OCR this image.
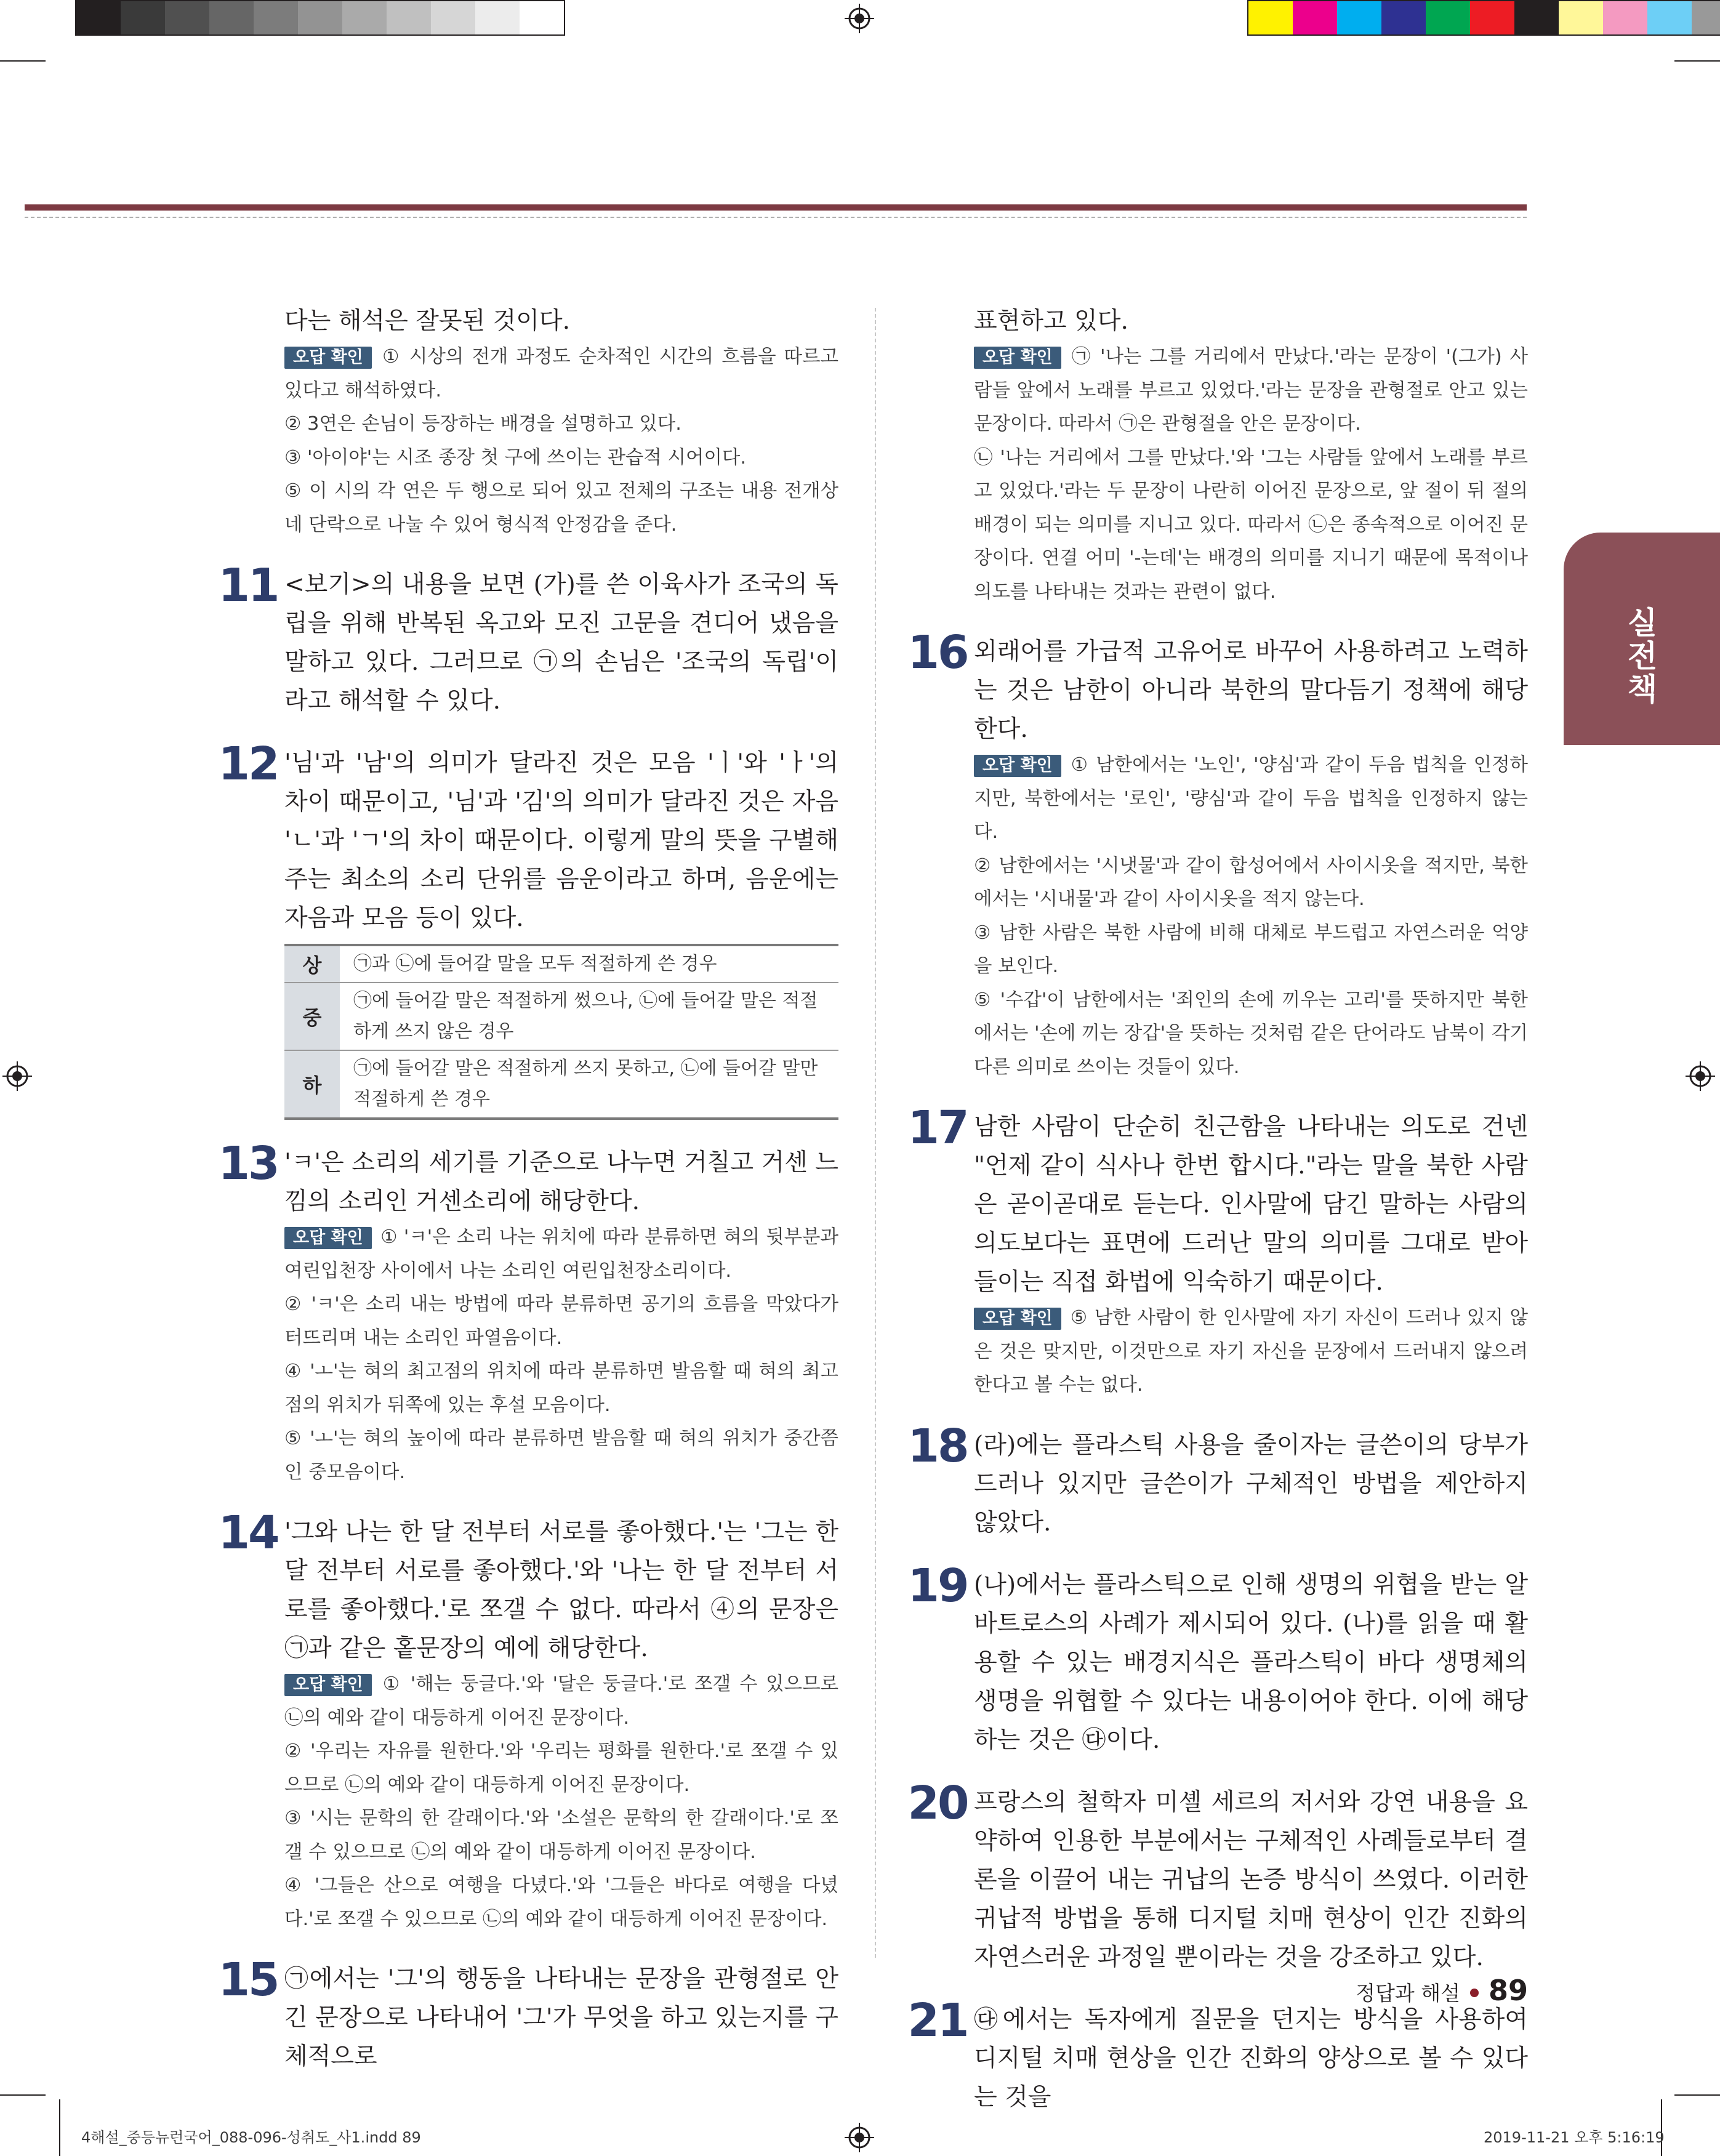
실전책

다는 해석은 잘못된 것이다.

오답 확인 ① 시상의 전개 과정도 순차적인 시간의 흐름을 따르고 있다고 해석하였다.

② 3연은 손님이 등장하는 배경을 설명하고 있다.

③ '아이야'는 시조 종장 첫 구에 쓰이는 관습적 시어이다.

⑤ 이 시의 각 연은 두 행으로 되어 있고 전체의 구조는 내용 전개상 네 단락으로 나눌 수 있어 형식적 안정감을 준다.

11 <보기>의 내용을 보면 (가)를 쓴 이육사가 조국의 독립을 위해 반복된 옥고와 모진 고문을 견디어 냈음을 말하고 있다. 그러므로 ㉠의 손님은 '조국의 독립'이라고 해석할 수 있다.

12 '님'과 '남'의 의미가 달라진 것은 모음 'ㅣ'와 'ㅏ'의 차이 때문이고, '님'과 '김'의 의미가 달라진 것은 자음 'ㄴ'과 'ㄱ'의 차이 때문이다. 이렇게 말의 뜻을 구별해 주는 최소의 소리 단위를 음운이라고 하며, 음운에는 자음과 모음 등이 있다.

상	㉠과 ㉡에 들어갈 말을 모두 적절하게 쓴 경우
중	㉠에 들어갈 말은 적절하게 썼으나, ㉡에 들어갈 말은 적절하게 쓰지 않은 경우
하	㉠에 들어갈 말은 적절하게 쓰지 못하고, ㉡에 들어갈 말만 적절하게 쓴 경우
13 'ㅋ'은 소리의 세기를 기준으로 나누면 거칠고 거센 느낌의 소리인 거센소리에 해당한다.

오답 확인 ① 'ㅋ'은 소리 나는 위치에 따라 분류하면 혀의 뒷부분과 여린입천장 사이에서 나는 소리인 여린입천장소리이다.

② 'ㅋ'은 소리 내는 방법에 따라 분류하면 공기의 흐름을 막았다가 터뜨리며 내는 소리인 파열음이다.

④ 'ㅗ'는 혀의 최고점의 위치에 따라 분류하면 발음할 때 혀의 최고점의 위치가 뒤쪽에 있는 후설 모음이다.

⑤ 'ㅗ'는 혀의 높이에 따라 분류하면 발음할 때 혀의 위치가 중간쯤인 중모음이다.

14 '그와 나는 한 달 전부터 서로를 좋아했다.'는 '그는 한 달 전부터 서로를 좋아했다.'와 '나는 한 달 전부터 서로를 좋아했다.'로 쪼갤 수 없다. 따라서 ④의 문장은 ㉠과 같은 홑문장의 예에 해당한다.

오답 확인 ① '해는 둥글다.'와 '달은 둥글다.'로 쪼갤 수 있으므로 ㉡의 예와 같이 대등하게 이어진 문장이다.

② '우리는 자유를 원한다.'와 '우리는 평화를 원한다.'로 쪼갤 수 있으므로 ㉡의 예와 같이 대등하게 이어진 문장이다.

③ '시는 문학의 한 갈래이다.'와 '소설은 문학의 한 갈래이다.'로 쪼갤 수 있으므로 ㉡의 예와 같이 대등하게 이어진 문장이다.

④ '그들은 산으로 여행을 다녔다.'와 '그들은 바다로 여행을 다녔다.'로 쪼갤 수 있으므로 ㉡의 예와 같이 대등하게 이어진 문장이다.

15 ㉠에서는 '그'의 행동을 나타내는 문장을 관형절로 안긴 문장으로 나타내어 '그'가 무엇을 하고 있는지를 구체적으로

표현하고 있다.

오답 확인 ㉠ '나는 그를 거리에서 만났다.'라는 문장이 '(그가) 사람들 앞에서 노래를 부르고 있었다.'라는 문장을 관형절로 안고 있는 문장이다. 따라서 ㉠은 관형절을 안은 문장이다.

㉡ '나는 거리에서 그를 만났다.'와 '그는 사람들 앞에서 노래를 부르고 있었다.'라는 두 문장이 나란히 이어진 문장으로, 앞 절이 뒤 절의 배경이 되는 의미를 지니고 있다. 따라서 ㉡은 종속적으로 이어진 문장이다. 연결 어미 '-는데'는 배경의 의미를 지니기 때문에 목적이나 의도를 나타내는 것과는 관련이 없다.

16 외래어를 가급적 고유어로 바꾸어 사용하려고 노력하는 것은 남한이 아니라 북한의 말다듬기 정책에 해당한다.

오답 확인 ① 남한에서는 '노인', '양심'과 같이 두음 법칙을 인정하지만, 북한에서는 '로인', '량심'과 같이 두음 법칙을 인정하지 않는다.

② 남한에서는 '시냇물'과 같이 합성어에서 사이시옷을 적지만, 북한에서는 '시내물'과 같이 사이시옷을 적지 않는다.

③ 남한 사람은 북한 사람에 비해 대체로 부드럽고 자연스러운 억양을 보인다.

⑤ '수갑'이 남한에서는 '죄인의 손에 끼우는 고리'를 뜻하지만 북한에서는 '손에 끼는 장갑'을 뜻하는 것처럼 같은 단어라도 남북이 각기 다른 의미로 쓰이는 것들이 있다.

17 남한 사람이 단순히 친근함을 나타내는 의도로 건넨 "언제 같이 식사나 한번 합시다."라는 말을 북한 사람은 곧이곧대로 듣는다. 인사말에 담긴 말하는 사람의 의도보다는 표면에 드러난 말의 의미를 그대로 받아들이는 직접 화법에 익숙하기 때문이다.

오답 확인 ⑤ 남한 사람이 한 인사말에 자기 자신이 드러나 있지 않은 것은 맞지만, 이것만으로 자기 자신을 문장에서 드러내지 않으려 한다고 볼 수는 없다.

18 (라)에는 플라스틱 사용을 줄이자는 글쓴이의 당부가 드러나 있지만 글쓴이가 구체적인 방법을 제안하지 않았다.

19 (나)에서는 플라스틱으로 인해 생명의 위협을 받는 알바트로스의 사례가 제시되어 있다. (나)를 읽을 때 활용할 수 있는 배경지식은 플라스틱이 바다 생명체의 생명을 위협할 수 있다는 내용이어야 한다. 이에 해당하는 것은 ㉰이다.

20 프랑스의 철학자 미셸 세르의 저서와 강연 내용을 요약하여 인용한 부분에서는 구체적인 사례들로부터 결론을 이끌어 내는 귀납의 논증 방식이 쓰였다. 이러한 귀납적 방법을 통해 디지털 치매 현상이 인간 진화의 자연스러운 과정일 뿐이라는 것을 강조하고 있다.

21 ㉰에서는 독자에게 질문을 던지는 방식을 사용하여 디지털 치매 현상을 인간 진화의 양상으로 볼 수 있다는 것을

정답과 해설 89
4해설_중등뉴런국어_088-096-성취도_사1.indd 89	2019-11-21 오후 5:16:19
